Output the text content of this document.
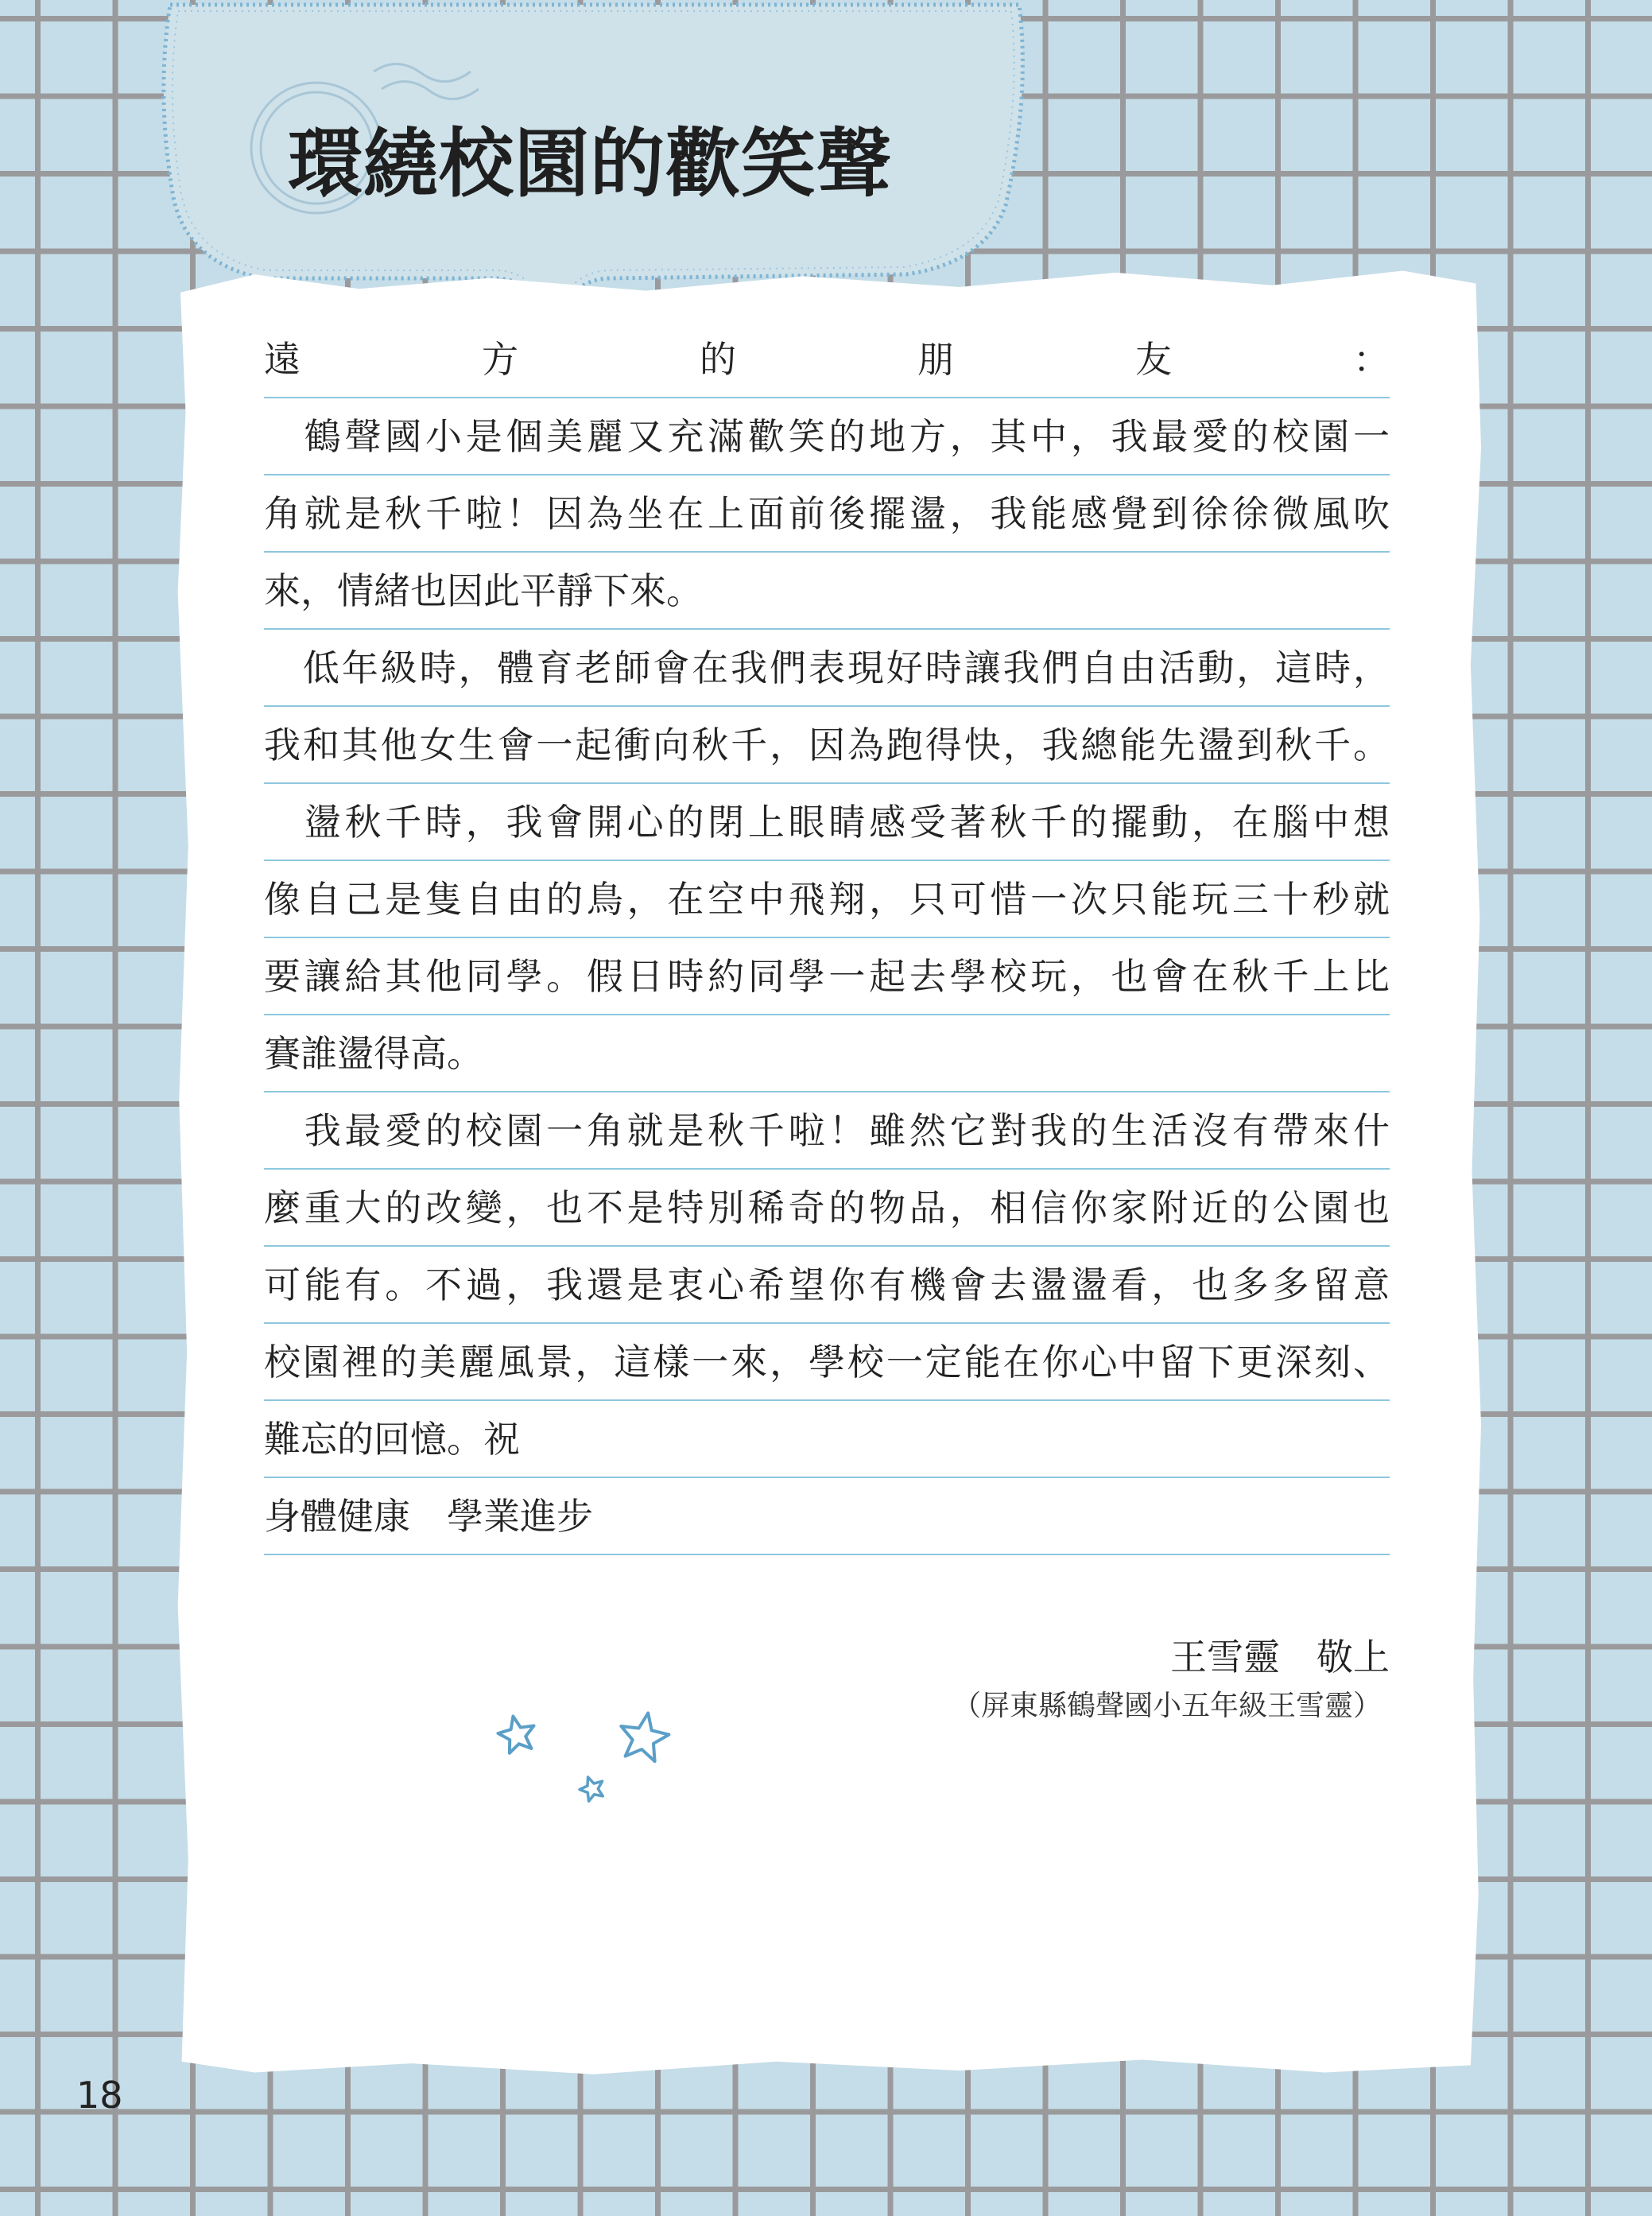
環繞校園的歡笑聲
遠方的朋友：
　鶴聲國小是個美麗又充滿歡笑的地方，其中，我最愛的校園一
角就是秋千啦！因為坐在上面前後擺盪，我能感覺到徐徐微風吹
來，情緒也因此平靜下來。
　低年級時，體育老師會在我們表現好時讓我們自由活動，這時，
我和其他女生會一起衝向秋千，因為跑得快，我總能先盪到秋千。
　盪秋千時，我會開心的閉上眼睛感受著秋千的擺動，在腦中想
像自己是隻自由的鳥，在空中飛翔，只可惜一次只能玩三十秒就
要讓給其他同學。假日時約同學一起去學校玩，也會在秋千上比
賽誰盪得高。
　我最愛的校園一角就是秋千啦！雖然它對我的生活沒有帶來什
麼重大的改變，也不是特別稀奇的物品，相信你家附近的公園也
可能有。不過，我還是衷心希望你有機會去盪盪看，也多多留意
校園裡的美麗風景，這樣一來，學校一定能在你心中留下更深刻、
難忘的回憶。祝
身體健康　學業進步

王雪靈　敬上

（屏東縣鶴聲國小五年級王雪靈）

18
